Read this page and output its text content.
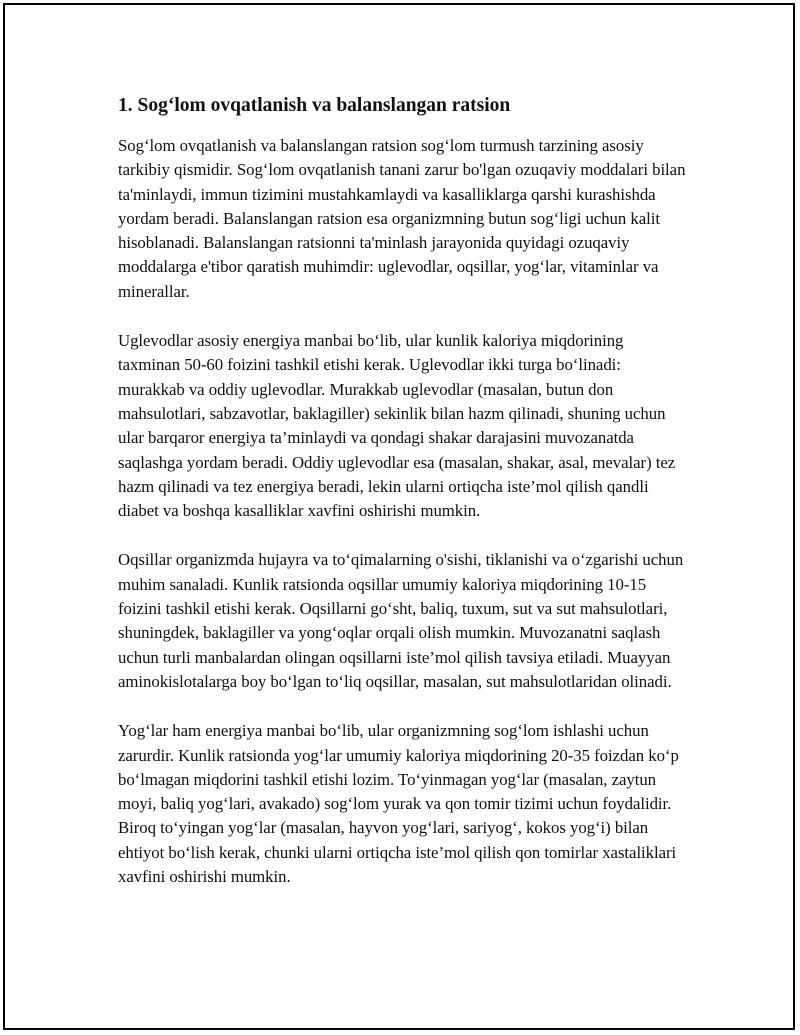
1. Sog‘lom ovqatlanish va balanslangan ratsion

Sog‘lom ovqatlanish va balanslangan ratsion sog‘lom turmush tarzining asosiy tarkibiy qismidir. Sog‘lom ovqatlanish tanani zarur bo'lgan ozuqaviy moddalari bilan ta'minlaydi, immun tizimini mustahkamlaydi va kasalliklarga qarshi kurashishda yordam beradi. Balanslangan ratsion esa organizmning butun sog‘ligi uchun kalit hisoblanadi. Balanslangan ratsionni ta'minlash jarayonida quyidagi ozuqaviy moddalarga e'tibor qaratish muhimdir: uglevodlar, oqsillar, yog‘lar, vitaminlar va minerallar.

Uglevodlar asosiy energiya manbai bo‘lib, ular kunlik kaloriya miqdorining taxminan 50-60 foizini tashkil etishi kerak. Uglevodlar ikki turga bo‘linadi: murakkab va oddiy uglevodlar. Murakkab uglevodlar (masalan, butun don mahsulotlari, sabzavotlar, baklagiller) sekinlik bilan hazm qilinadi, shuning uchun ular barqaror energiya ta’minlaydi va qondagi shakar darajasini muvozanatda saqlashga yordam beradi. Oddiy uglevodlar esa (masalan, shakar, asal, mevalar) tez hazm qilinadi va tez energiya beradi, lekin ularni ortiqcha iste’mol qilish qandli diabet va boshqa kasalliklar xavfini oshirishi mumkin.

Oqsillar organizmda hujayra va to‘qimalarning o'sishi, tiklanishi va o‘zgarishi uchun muhim sanaladi. Kunlik ratsionda oqsillar umumiy kaloriya miqdorining 10-15 foizini tashkil etishi kerak. Oqsillarni go‘sht, baliq, tuxum, sut va sut mahsulotlari, shuningdek, baklagiller va yong‘oqlar orqali olish mumkin. Muvozanatni saqlash uchun turli manbalardan olingan oqsillarni iste’mol qilish tavsiya etiladi. Muayyan aminokislotalarga boy bo‘lgan to‘liq oqsillar, masalan, sut mahsulotlaridan olinadi.

Yog‘lar ham energiya manbai bo‘lib, ular organizmning sog‘lom ishlashi uchun zarurdir. Kunlik ratsionda yog‘lar umumiy kaloriya miqdorining 20-35 foizdan ko‘p bo‘lmagan miqdorini tashkil etishi lozim. To‘yinmagan yog‘lar (masalan, zaytun moyi, baliq yog‘lari, avakado) sog‘lom yurak va qon tomir tizimi uchun foydalidir. Biroq to‘yingan yog‘lar (masalan, hayvon yog‘lari, sariyog‘, kokos yog‘i) bilan ehtiyot bo‘lish kerak, chunki ularni ortiqcha iste’mol qilish qon tomirlar xastaliklari xavfini oshirishi mumkin.
